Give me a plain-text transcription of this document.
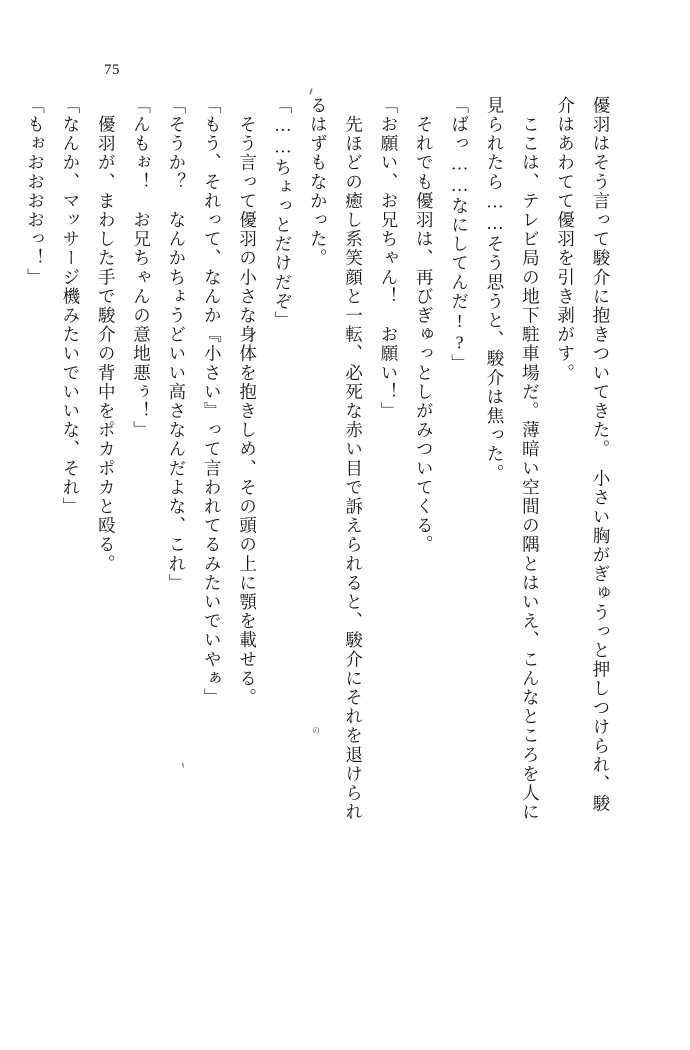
75
の	優羽はそう言って駿介に抱きついてきた。　小さい胸がぎゅうっと押しつけられ、駿

介はあわてて優羽を引き剥がす。

　ここは、テレビ局の地下駐車場だ。薄暗い空間の隅とはいえ、こんなところを人に

見られたら……そう思うと、駿介は焦った。

「ばっ……なにしてんだ!?」

　それでも優羽は、再びぎゅっとしがみついてくる。

「お願い、お兄ちゃん！　お願い！」

　先ほどの癒し系笑顔と一転、必死な赤い目で訴えられると、駿介にそれを退けられ

るはずもなかった。

「……ちょっとだけだぞ」

　そう言って優羽の小さな身体を抱きしめ、その頭の上に顎を載せる。

「もう、それって、なんか『小さい』って言われてるみたいでいやぁ」

「そうか？　なんかちょうどいい高さなんだよな、これ」

「んもぉ！　お兄ちゃんの意地悪ぅ！」

　優羽が、まわした手で駿介の背中をポカポカと殴る。

「なんか、マッサージ機みたいでいいな、それ」

「もぉおおおおっ！」
